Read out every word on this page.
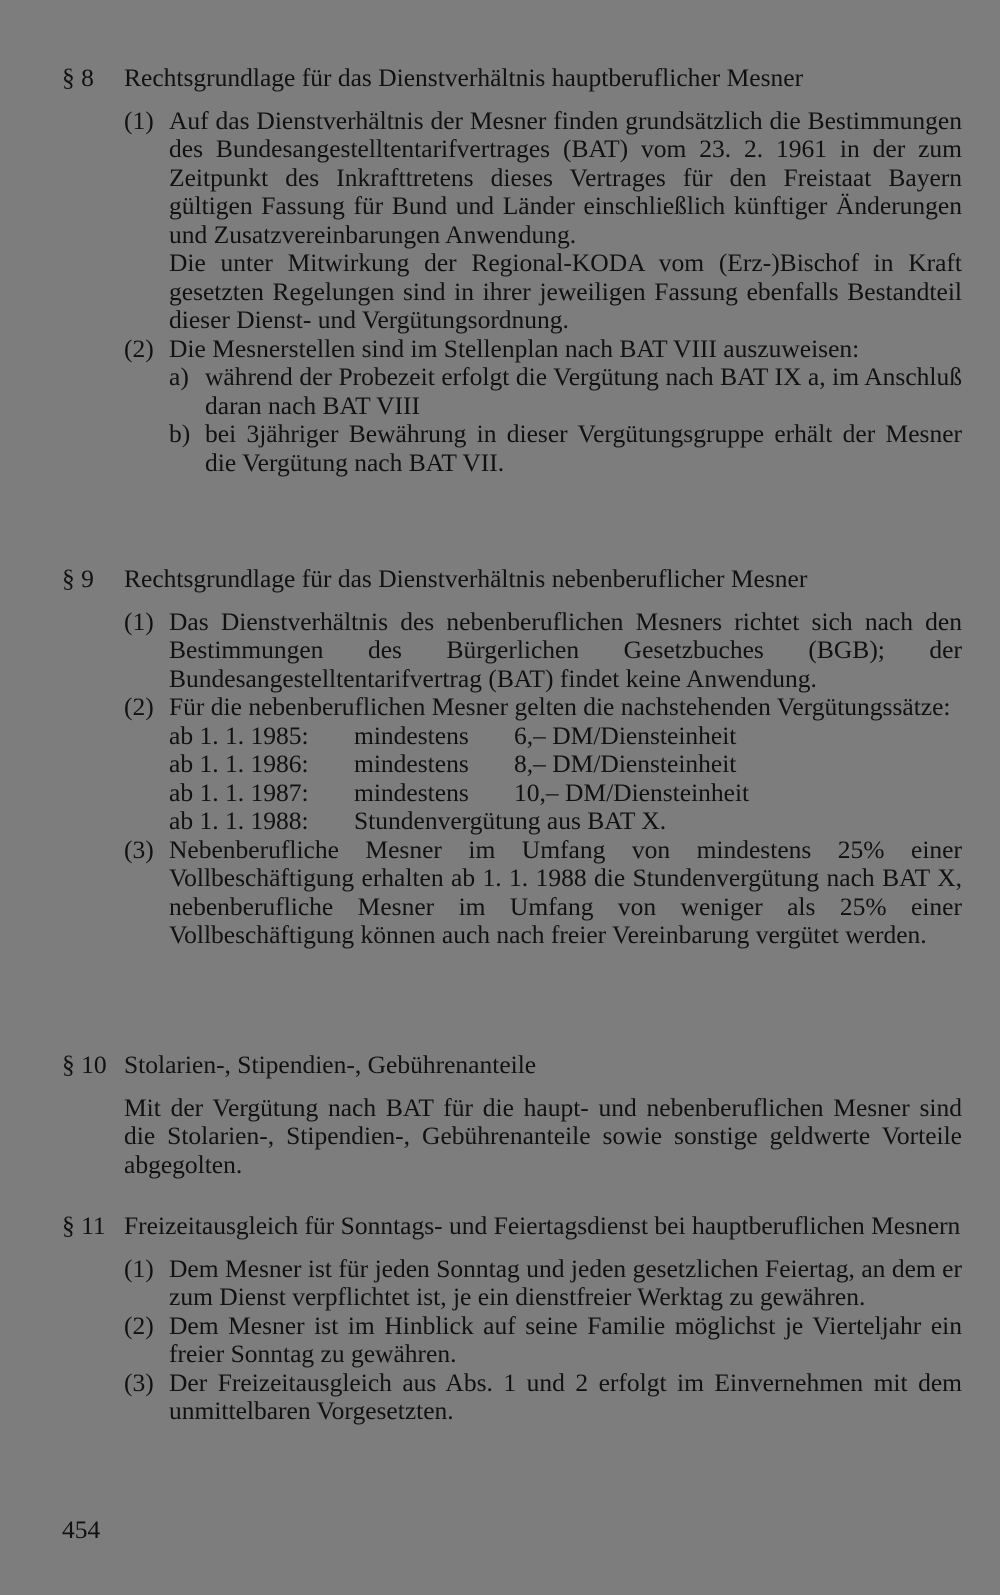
§ 8	Rechtsgrundlage für das Dienstverhältnis hauptberuflicher Mesner
(1) Auf das Dienstverhältnis der Mesner finden grundsätzlich die Bestimmungen des Bundesangestelltentarifvertrages (BAT) vom 23. 2. 1961 in der zum Zeitpunkt des Inkrafttretens dieses Vertrages für den Freistaat Bayern gültigen Fassung für Bund und Länder einschließlich künftiger Änderungen und Zusatzvereinbarungen Anwendung.

Die unter Mitwirkung der Regional-KODA vom (Erz-)Bischof in Kraft gesetzten Regelungen sind in ihrer jeweiligen Fassung ebenfalls Bestandteil dieser Dienst- und Vergütungsordnung.

(2) Die Mesnerstellen sind im Stellenplan nach BAT VIII auszuweisen:

a) während der Probezeit erfolgt die Vergütung nach BAT IX a, im Anschluß daran nach BAT VIII
b) bei 3jähriger Bewährung in dieser Vergütungsgruppe erhält der Mesner die Vergütung nach BAT VII.
§ 9	Rechtsgrundlage für das Dienstverhältnis nebenberuflicher Mesner
(1) Das Dienstverhältnis des nebenberuflichen Mesners richtet sich nach den Bestimmungen des Bürgerlichen Gesetzbuches (BGB); der Bundesangestelltentarifvertrag (BAT) findet keine Anwendung.

(2) Für die nebenberuflichen Mesner gelten die nachstehenden Vergütungssätze:

ab 1. 1. 1985:	mindestens	6,– DM/Diensteinheit
ab 1. 1. 1986:	mindestens	8,– DM/Diensteinheit
ab 1. 1. 1987:	mindestens	10,– DM/Diensteinheit
ab 1. 1. 1988:	Stundenvergütung aus BAT X.
(3) Nebenberufliche Mesner im Umfang von mindestens 25% einer Vollbeschäftigung erhalten ab 1. 1. 1988 die Stundenvergütung nach BAT X, nebenberufliche Mesner im Umfang von weniger als 25% einer Vollbeschäftigung können auch nach freier Vereinbarung vergütet werden.

§ 10 Stolarien-, Stipendien-, Gebührenanteile

Mit der Vergütung nach BAT für die haupt- und nebenberuflichen Mesner sind die Stolarien-, Stipendien-, Gebührenanteile sowie sonstige geldwerte Vorteile abgegolten.

§ 11 Freizeitausgleich für Sonntags- und Feiertagsdienst bei hauptberuflichen Mesnern
(1) Dem Mesner ist für jeden Sonntag und jeden gesetzlichen Feiertag, an dem er zum Dienst verpflichtet ist, je ein dienstfreier Werktag zu gewähren.

(2) Dem Mesner ist im Hinblick auf seine Familie möglichst je Vierteljahr ein freier Sonntag zu gewähren.

(3) Der Freizeitausgleich aus Abs. 1 und 2 erfolgt im Einvernehmen mit dem unmittelbaren Vorgesetzten.

454
